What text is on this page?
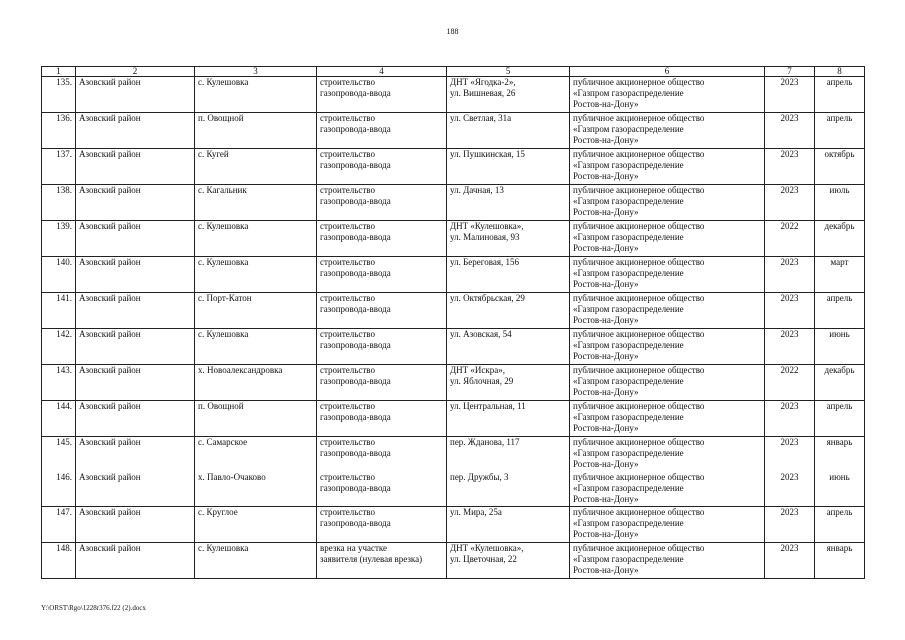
188
1	2	3	4	5	6	7	8
135.	Азовский район	с. Кулешовка	строительство
газопровода-ввода	ДНТ «Ягодка-2»,
ул. Вишневая, 26	публичное акционерное общество
«Газпром газораспределение
Ростов-на-Дону»	2023	апрель
136.	Азовский район	п. Овощной	строительство
газопровода-ввода	ул. Светлая, 31а	публичное акционерное общество
«Газпром газораспределение
Ростов-на-Дону»	2023	апрель
137.	Азовский район	с. Кугей	строительство
газопровода-ввода	ул. Пушкинская, 15	публичное акционерное общество
«Газпром газораспределение
Ростов-на-Дону»	2023	октябрь
138.	Азовский район	с. Кагальник	строительство
газопровода-ввода	ул. Дачная, 13	публичное акционерное общество
«Газпром газораспределение
Ростов-на-Дону»	2023	июль
139.	Азовский район	с. Кулешовка	строительство
газопровода-ввода	ДНТ «Кулешовка»,
ул. Малиновая, 93	публичное акционерное общество
«Газпром газораспределение
Ростов-на-Дону»	2022	декабрь
140.	Азовский район	с. Кулешовка	строительство
газопровода-ввода	ул. Береговая, 156	публичное акционерное общество
«Газпром газораспределение
Ростов-на-Дону»	2023	март
141.	Азовский район	с. Порт-Катон	строительство
газопровода-ввода	ул. Октябрьская, 29	публичное акционерное общество
«Газпром газораспределение
Ростов-на-Дону»	2023	апрель
142.	Азовский район	с. Кулешовка	строительство
газопровода-ввода	ул. Азовская, 54	публичное акционерное общество
«Газпром газораспределение
Ростов-на-Дону»	2023	июнь
143.	Азовский район	х. Новоалександровка	строительство
газопровода-ввода	ДНТ «Искра»,
ул. Яблочная, 29	публичное акционерное общество
«Газпром газораспределение
Ростов-на-Дону»	2022	декабрь
144.	Азовский район	п. Овощной	строительство
газопровода-ввода	ул. Центральная, 11	публичное акционерное общество
«Газпром газораспределение
Ростов-на-Дону»	2023	апрель
145.	Азовский район	с. Самарское	строительство
газопровода-ввода	пер. Жданова, 117	публичное акционерное общество
«Газпром газораспределение
Ростов-на-Дону»	2023	январь
146.	Азовский район	х. Павло-Очаково	строительство
газопровода-ввода	пер. Дружбы, 3	публичное акционерное общество
«Газпром газораспределение
Ростов-на-Дону»	2023	июнь
147.	Азовский район	с. Круглое	строительство
газопровода-ввода	ул. Мира, 25а	публичное акционерное общество
«Газпром газораспределение
Ростов-на-Дону»	2023	апрель
148.	Азовский район	с. Кулешовка	врезка на участке
заявителя (нулевая врезка)	ДНТ «Кулешовка»,
ул. Цветочная, 22	публичное акционерное общество
«Газпром газораспределение
Ростов-на-Дону»	2023	январь
Y:\ORST\Rgo\1228r376.f22 (2).docx
